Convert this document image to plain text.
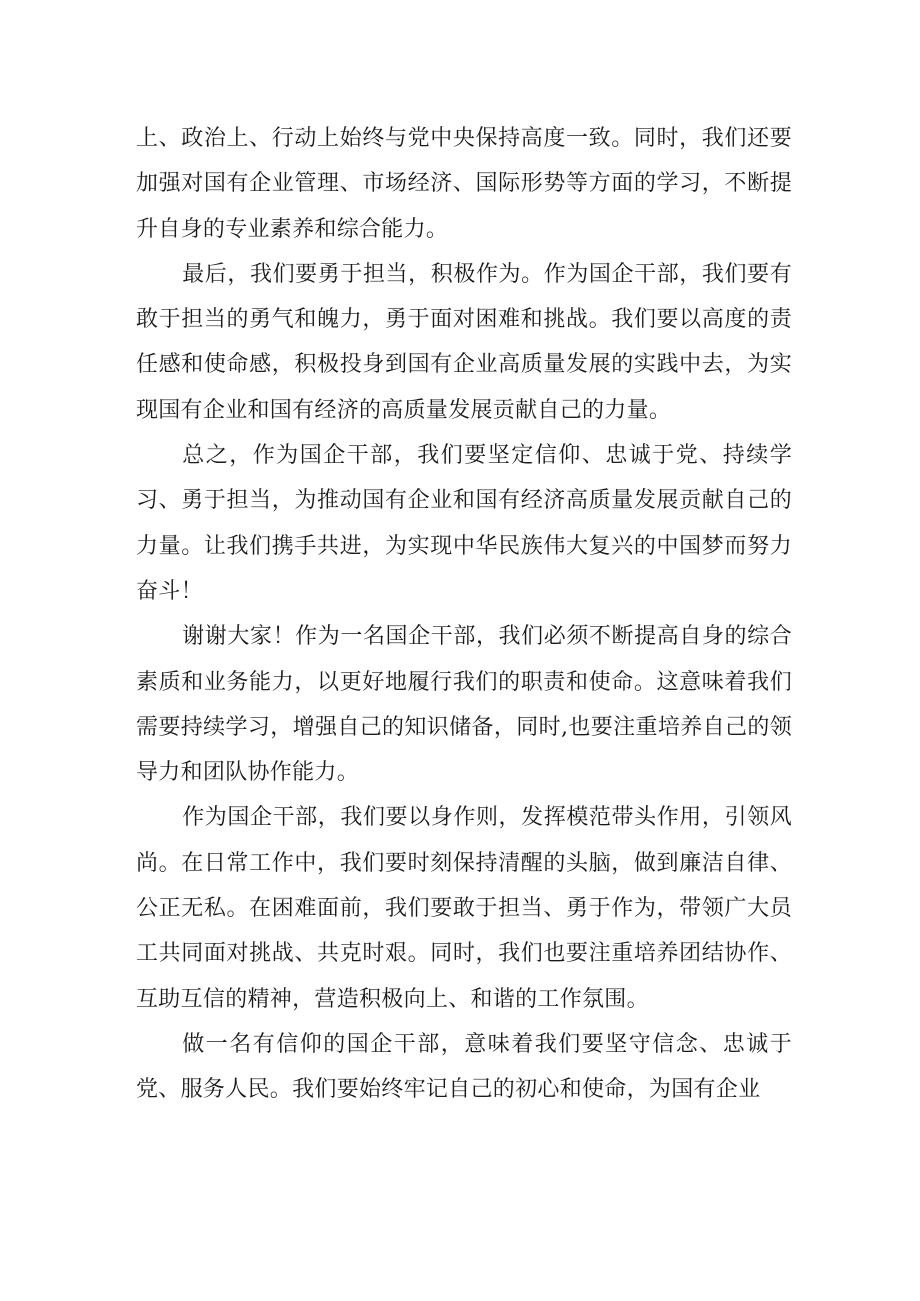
上、政治上、行动上始终与党中央保持高度一致。同时，我们还要加强对国有企业管理、市场经济、国际形势等方面的学习，不断提升自身的专业素养和综合能力。

最后，我们要勇于担当，积极作为。作为国企干部，我们要有敢于担当的勇气和魄力，勇于面对困难和挑战。我们要以高度的责任感和使命感，积极投身到国有企业高质量发展的实践中去，为实现国有企业和国有经济的高质量发展贡献自己的力量。

总之，作为国企干部，我们要坚定信仰、忠诚于党、持续学习、勇于担当，为推动国有企业和国有经济高质量发展贡献自己的力量。让我们携手共进，为实现中华民族伟大复兴的中国梦而努力奋斗！

谢谢大家！作为一名国企干部，我们必须不断提高自身的综合素质和业务能力，以更好地履行我们的职责和使命。这意味着我们需要持续学习，增强自己的知识储备，同时,也要注重培养自己的领导力和团队协作能力。

作为国企干部，我们要以身作则，发挥模范带头作用，引领风尚。在日常工作中，我们要时刻保持清醒的头脑，做到廉洁自律、公正无私。在困难面前，我们要敢于担当、勇于作为，带领广大员工共同面对挑战、共克时艰。同时，我们也要注重培养团结协作、互助互信的精神，营造积极向上、和谐的工作氛围。

做一名有信仰的国企干部，意味着我们要坚守信念、忠诚于党、服务人民。我们要始终牢记自己的初心和使命，为国有企业
